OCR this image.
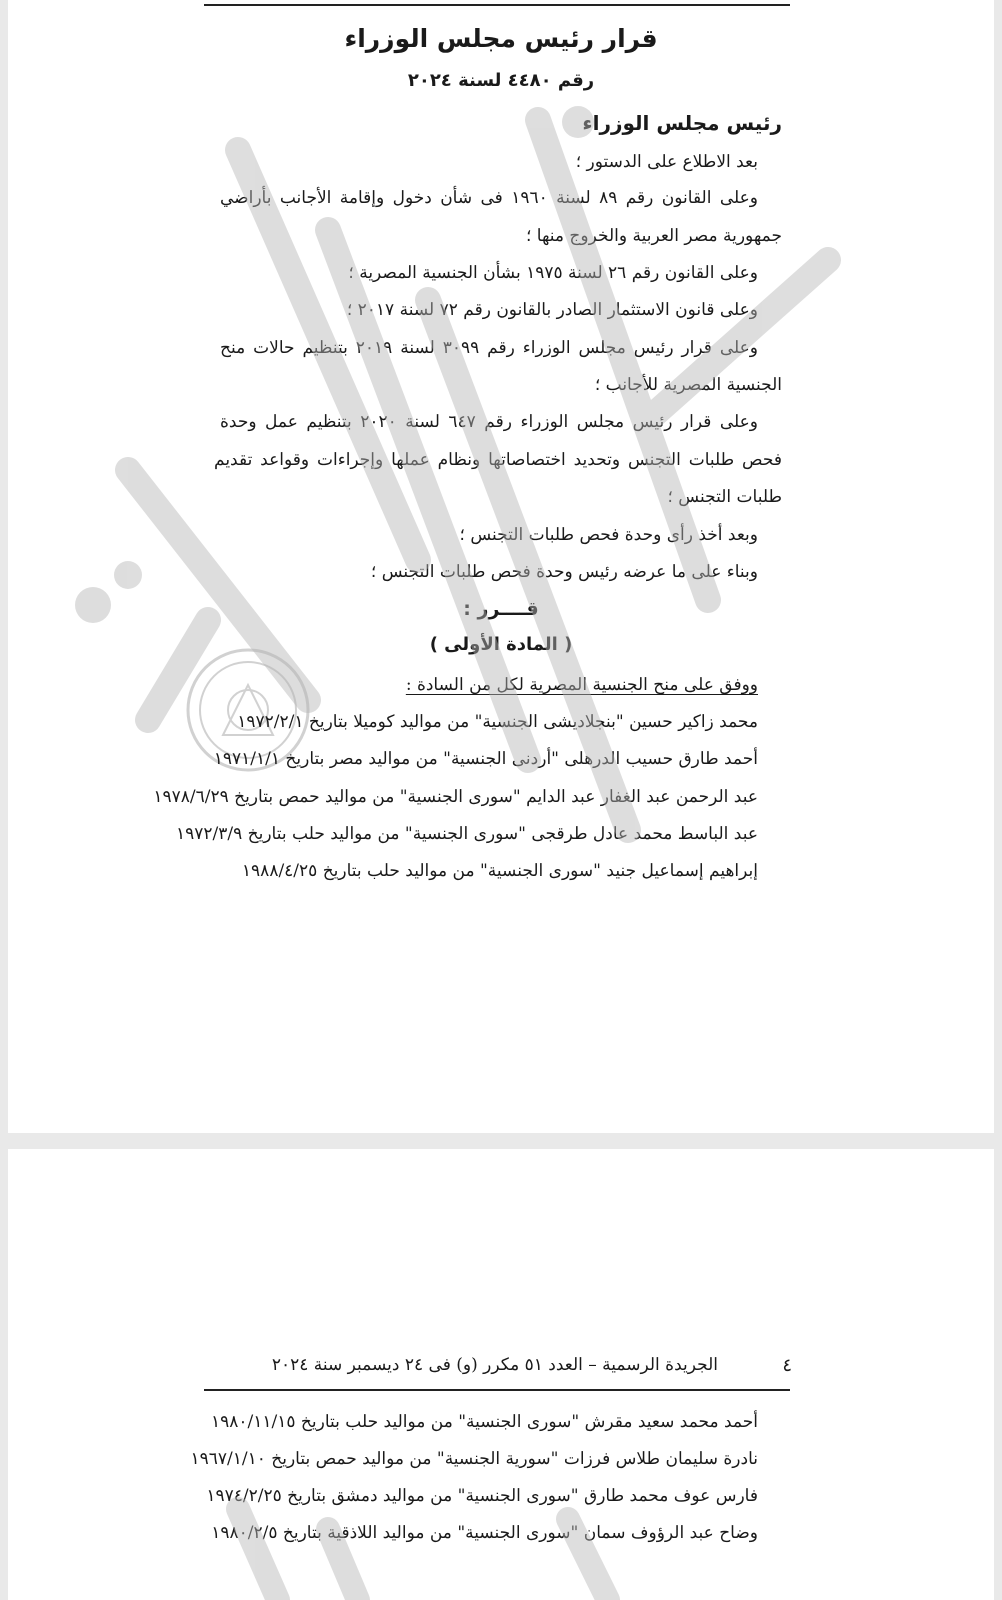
قرار رئيس مجلس الوزراء
رقم ٤٤٨٠ لسنة ٢٠٢٤
رئيس مجلس الوزراء
بعد الاطلاع على الدستور ؛
وعلى القانون رقم ٨٩ لسنة ١٩٦٠ فى شأن دخول وإقامة الأجانب بأراضي
جمهورية مصر العربية والخروج منها ؛
وعلى القانون رقم ٢٦ لسنة ١٩٧٥ بشأن الجنسية المصرية ؛
وعلى قانون الاستثمار الصادر بالقانون رقم ٧٢ لسنة ٢٠١٧ ؛
وعلى قرار رئيس مجلس الوزراء رقم ٣٠٩٩ لسنة ٢٠١٩ بتنظيم حالات منح
الجنسية المصرية للأجانب ؛
وعلى قرار رئيس مجلس الوزراء رقم ٦٤٧ لسنة ٢٠٢٠ بتنظيم عمل وحدة
فحص طلبات التجنس وتحديد اختصاصاتها ونظام عملها وإجراءات وقواعد تقديم
طلبات التجنس ؛
وبعد أخذ رأى وحدة فحص طلبات التجنس ؛
وبناء على ما عرضه رئيس وحدة فحص طلبات التجنس ؛
قــــرر :
( المادة الأولى )
ووفق على منح الجنسية المصرية لكل من السادة :
محمد زاكير حسين "بنجلاديشى الجنسية" من مواليد كوميلا بتاريخ ١٩٧٢/٢/١
أحمد طارق حسيب الدرهلى "أردنى الجنسية" من مواليد مصر بتاريخ ١٩٧١/١/١
عبد الرحمن عبد الغفار عبد الدايم "سورى الجنسية" من مواليد حمص بتاريخ ١٩٧٨/٦/٢٩
عبد الباسط محمد عادل طرقجى "سورى الجنسية" من مواليد حلب بتاريخ ١٩٧٢/٣/٩
إبراهيم إسماعيل جنيد "سورى الجنسية" من مواليد حلب بتاريخ ١٩٨٨/٤/٢٥
٤
الجريدة الرسمية – العدد ٥١ مكرر (و) فى ٢٤ ديسمبر سنة ٢٠٢٤
أحمد محمد سعيد مقرش "سورى الجنسية" من مواليد حلب بتاريخ ١٩٨٠/١١/١٥
نادرة سليمان طلاس فرزات "سورية الجنسية" من مواليد حمص بتاريخ ١٩٦٧/١/١٠
فارس عوف محمد طارق "سورى الجنسية" من مواليد دمشق بتاريخ ١٩٧٤/٢/٢٥
وضاح عبد الرؤوف سمان "سورى الجنسية" من مواليد اللاذقية بتاريخ ١٩٨٠/٢/٥
